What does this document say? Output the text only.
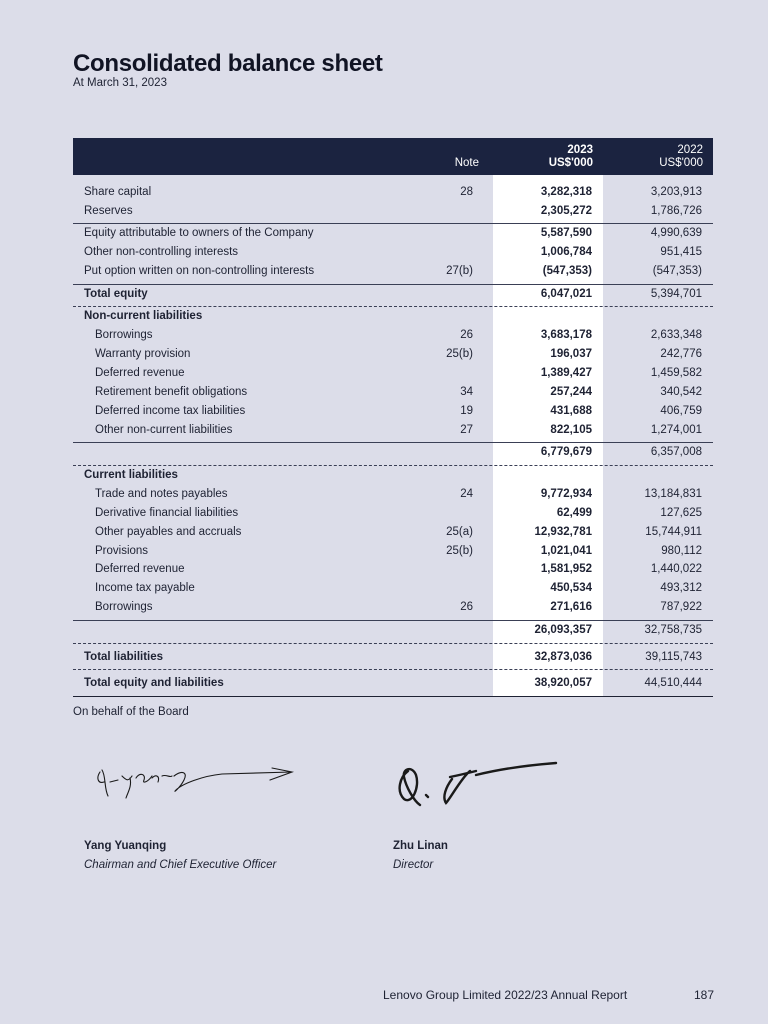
Consolidated balance sheet
At March 31, 2023
Note
2023
US$'000
2022
US$'000
Share capital	28	3,282,318	3,203,913
Reserves	2,305,272	1,786,726
Equity attributable to owners of the Company	5,587,590	4,990,639
Other non-controlling interests	1,006,784	951,415
Put option written on non-controlling interests	27(b)	(547,353)	(547,353)
Total equity	6,047,021	5,394,701
Non-current liabilities
Borrowings	26	3,683,178	2,633,348
Warranty provision	25(b)	196,037	242,776
Deferred revenue	1,389,427	1,459,582
Retirement benefit obligations	34	257,244	340,542
Deferred income tax liabilities	19	431,688	406,759
Other non-current liabilities	27	822,105	1,274,001
6,779,679	6,357,008
Current liabilities
Trade and notes payables	24	9,772,934	13,184,831
Derivative financial liabilities	62,499	127,625
Other payables and accruals	25(a)	12,932,781	15,744,911
Provisions	25(b)	1,021,041	980,112
Deferred revenue	1,581,952	1,440,022
Income tax payable	450,534	493,312
Borrowings	26	271,616	787,922
26,093,357	32,758,735
Total liabilities	32,873,036	39,115,743
Total equity and liabilities	38,920,057	44,510,444
On behalf of the Board
Yang Yuanqing
Chairman and Chief Executive Officer
Zhu Linan
Director
Lenovo Group Limited 2022/23 Annual Report	187
